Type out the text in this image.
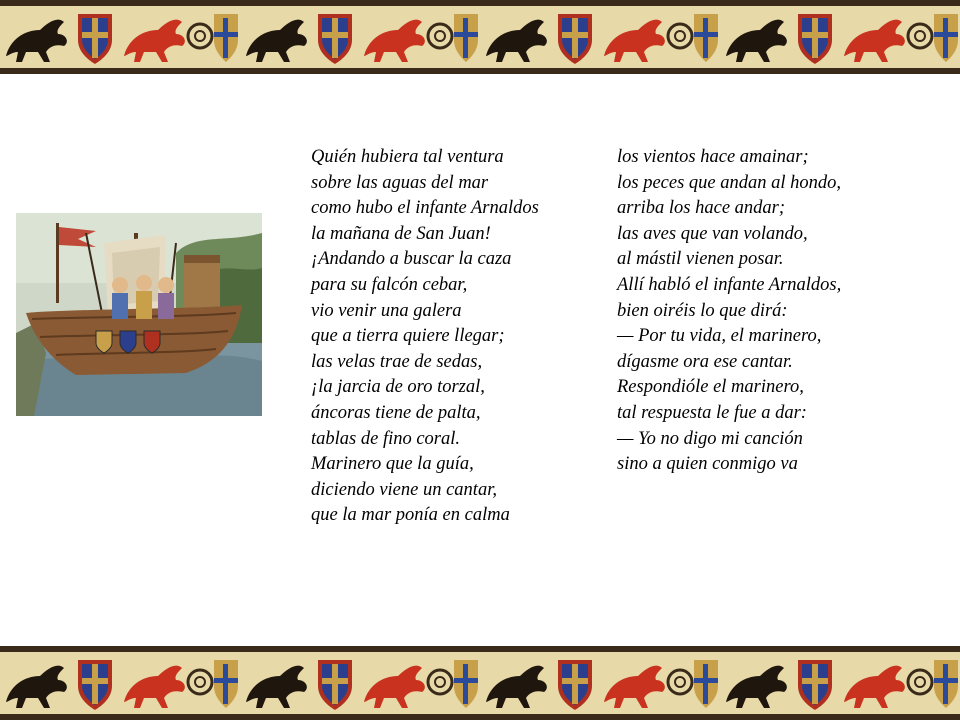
Quién hubiera tal ventura
sobre las aguas del mar
como hubo el infante Arnaldos
la mañana de San Juan!
¡Andando a buscar la caza
para su falcón cebar,
vio venir una galera
que a tierra quiere llegar;
las velas trae de sedas,
¡la jarcia de oro torzal,
áncoras tiene de palta,
tablas de fino coral.
Marinero que la guía,
diciendo viene un cantar,
que la mar ponía en calma
los vientos hace amainar;
los peces que andan al hondo,
arriba los hace andar;
las aves que van volando,
al mástil vienen posar.
Allí habló el infante Arnaldos,
bien oiréis lo que dirá:
— Por tu vida, el marinero,
dígasme ora ese cantar.
Respondióle el marinero,
tal respuesta le fue a dar:
— Yo no digo mi canción
sino a quien conmigo va
